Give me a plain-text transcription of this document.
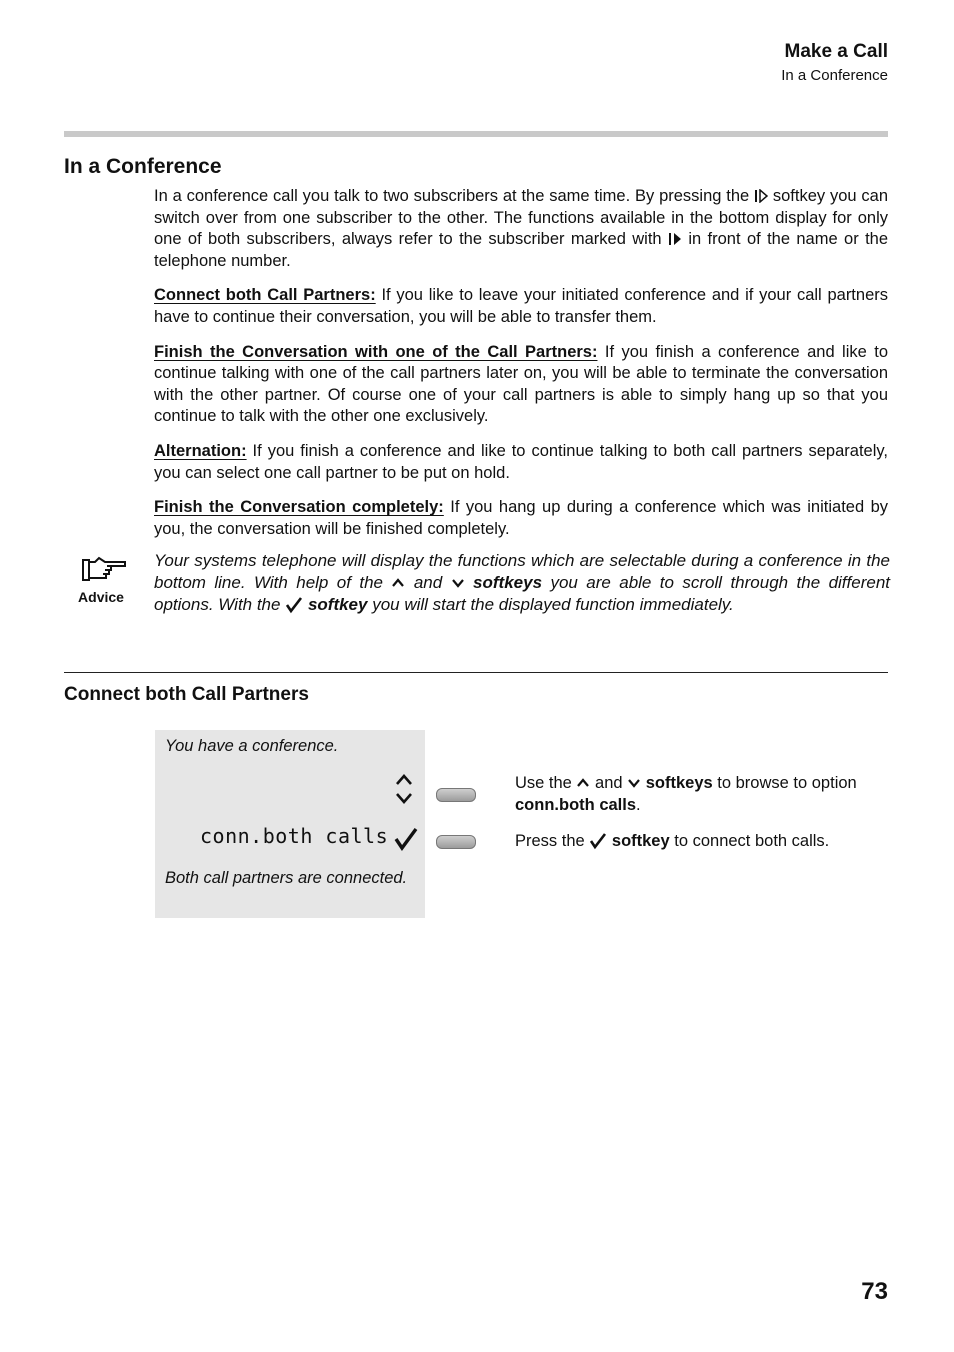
Make a Call
In a Conference
In a Conference

In a conference call you talk to two subscribers at the same time. By pressing the  softkey you can switch over from one subscriber to the other. The functions available in the bottom display for only one of both subscribers, always refer to the subscriber marked with  in front of the name or the telephone number.

Connect both Call Partners: If you like to leave your initiated conference and if your call partners have to continue their conversation, you will be able to transfer them.

Finish the Conversation with one of the Call Partners: If you finish a conference and like to continue talking with one of the call partners later on, you will be able to terminate the conversation with the other partner. Of course one of your call partners is able to simply hang up so that you continue to talk with the other one exclusively.

Alternation: If you finish a conference and like to continue talking to both call partners separately, you can select one call partner to be put on hold.

Finish the Conversation completely: If you hang up during a conference which was initiated by you, the conversation will be finished completely.

Advice
Your systems telephone will display the functions which are selectable during a conference in the bottom line. With help of the  and  softkeys you are able to scroll through the different options. With the  softkey you will start the displayed function immediately.
Connect both Call Partners
You have a conference.
conn.both calls
Both call partners are connected.
Use the  and  softkeys to browse to option conn.both calls.
Press the  softkey to connect both calls.
73
